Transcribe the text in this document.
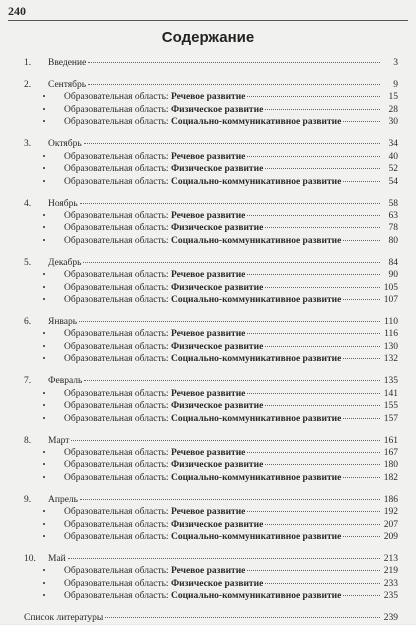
240
Содержание
1.	Введение	3
2.	Сентябрь	9
•	Образовательная область: Речевое развитие	15
•	Образовательная область: Физическое развитие	28
•	Образовательная область: Социально-коммуникативное развитие	30
3.	Октябрь	34
•	Образовательная область: Речевое развитие	40
•	Образовательная область: Физическое развитие	52
•	Образовательная область: Социально-коммуникативное развитие	54
4.	Ноябрь	58
•	Образовательная область: Речевое развитие	63
•	Образовательная область: Физическое развитие	78
•	Образовательная область: Социально-коммуникативное развитие	80
5.	Декабрь	84
•	Образовательная область: Речевое развитие	90
•	Образовательная область: Физическое развитие	105
•	Образовательная область: Социально-коммуникативное развитие	107
6.	Январь	110
•	Образовательная область: Речевое развитие	116
•	Образовательная область: Физическое развитие	130
•	Образовательная область: Социально-коммуникативное развитие	132
7.	Февраль	135
•	Образовательная область: Речевое развитие	141
•	Образовательная область: Физическое развитие	155
•	Образовательная область: Социально-коммуникативное развитие	157
8.	Март	161
•	Образовательная область: Речевое развитие	167
•	Образовательная область: Физическое развитие	180
•	Образовательная область: Социально-коммуникативное развитие	182
9.	Апрель	186
•	Образовательная область: Речевое развитие	192
•	Образовательная область: Физическое развитие	207
•	Образовательная область: Социально-коммуникативное развитие	209
10.	Май	213
•	Образовательная область: Речевое развитие	219
•	Образовательная область: Физическое развитие	233
•	Образовательная область: Социально-коммуникативное развитие	235
Список литературы	239
